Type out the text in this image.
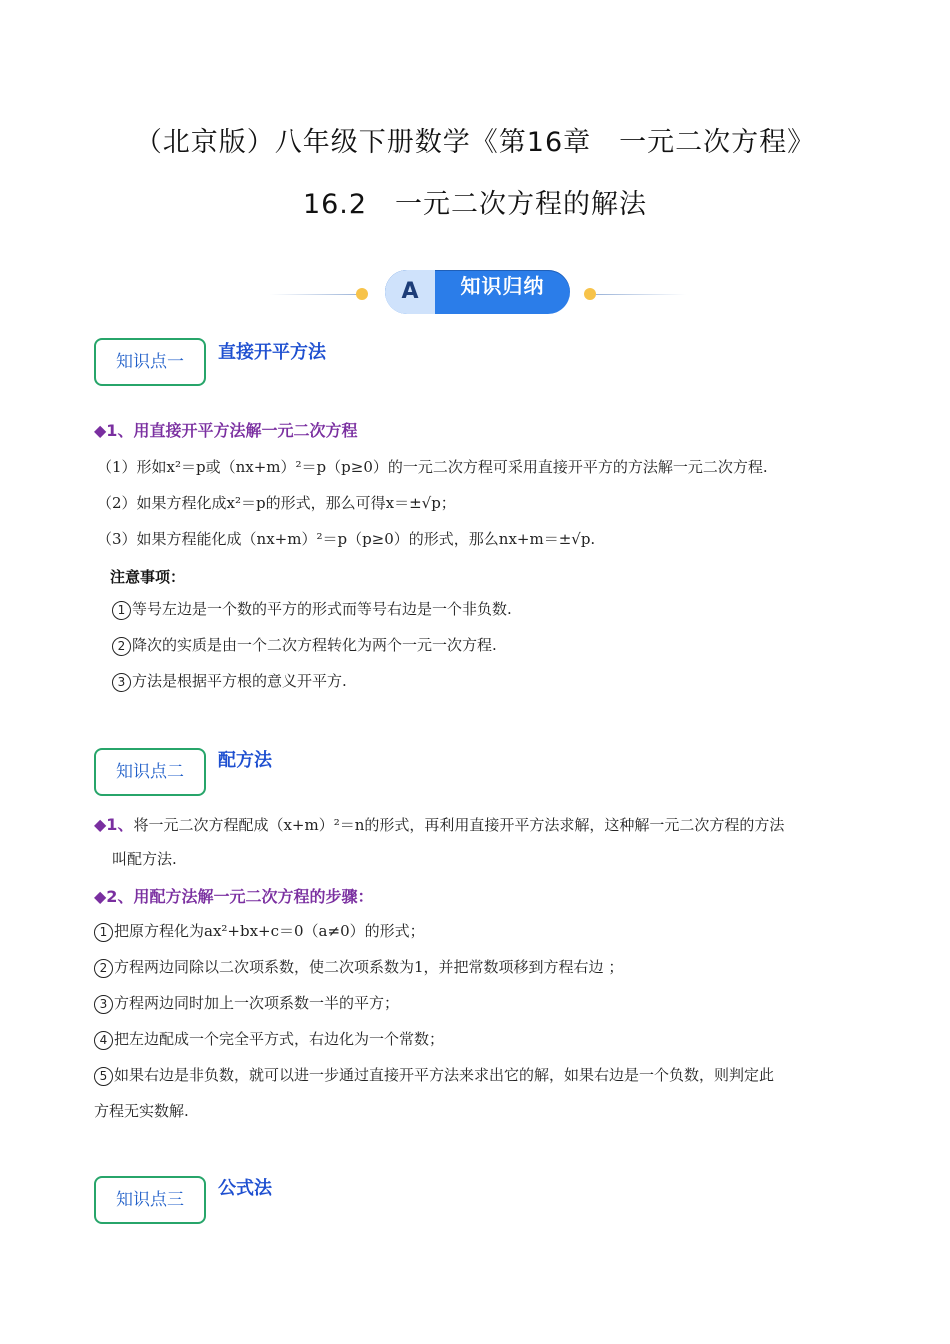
（北京版）八年级下册数学《第16章　一元二次方程》
16.2　一元二次方程的解法
A	知识归纳
知识点一	直接开平方法
◆1、用直接开平方法解一元二次方程
（1）形如x²＝p或（nx+m）²＝p（p≥0）的一元二次方程可采用直接开平方的方法解一元二次方程.
（2）如果方程化成x²＝p的形式，那么可得x＝±√p；
（3）如果方程能化成（nx+m）²＝p（p≥0）的形式，那么nx+m＝±√p.
注意事项：
1 等号左边是一个数的平方的形式而等号右边是一个非负数.
2 降次的实质是由一个二次方程转化为两个一元一次方程.
3 方法是根据平方根的意义开平方.
知识点二
配方法
◆1、将一元二次方程配成（x+m）²＝n的形式，再利用直接开平方法求解，这种解一元二次方程的方法
叫配方法.
◆2、用配方法解一元二次方程的步骤：
1 把原方程化为ax²+bx+c＝0（a≠0）的形式；
2 方程两边同除以二次项系数，使二次项系数为1，并把常数项移到方程右边 ；
3 方程两边同时加上一次项系数一半的平方；
4 把左边配成一个完全平方式，右边化为一个常数；
5 如果右边是非负数，就可以进一步通过直接开平方法来求出它的解，如果右边是一个负数，则判定此
方程无实数解.
知识点三
公式法
